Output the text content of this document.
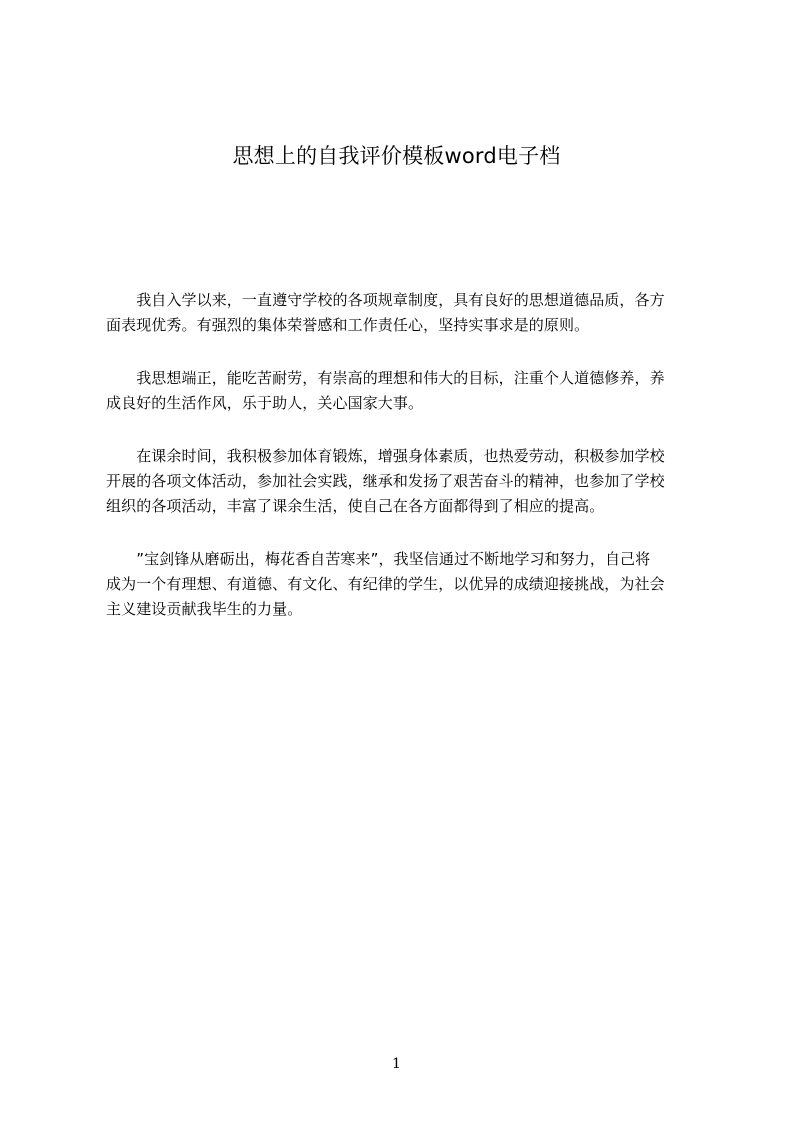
思想上的自我评价模板word电子档
　　我自入学以来，一直遵守学校的各项规章制度，具有良好的思想道德品质，各方
面表现优秀。有强烈的集体荣誉感和工作责任心，坚持实事求是的原则。
　　我思想端正，能吃苦耐劳，有崇高的理想和伟大的目标，注重个人道德修养，养
成良好的生活作风，乐于助人，关心国家大事。
　　在课余时间，我积极参加体育锻炼，增强身体素质，也热爱劳动，积极参加学校
开展的各项文体活动，参加社会实践，继承和发扬了艰苦奋斗的精神，也参加了学校
组织的各项活动，丰富了课余生活，使自己在各方面都得到了相应的提高。
　　”宝剑锋从磨砺出，梅花香自苦寒来”，我坚信通过不断地学习和努力，自己将
成为一个有理想、有道德、有文化、有纪律的学生，以优异的成绩迎接挑战，为社会
主义建设贡献我毕生的力量。
1
